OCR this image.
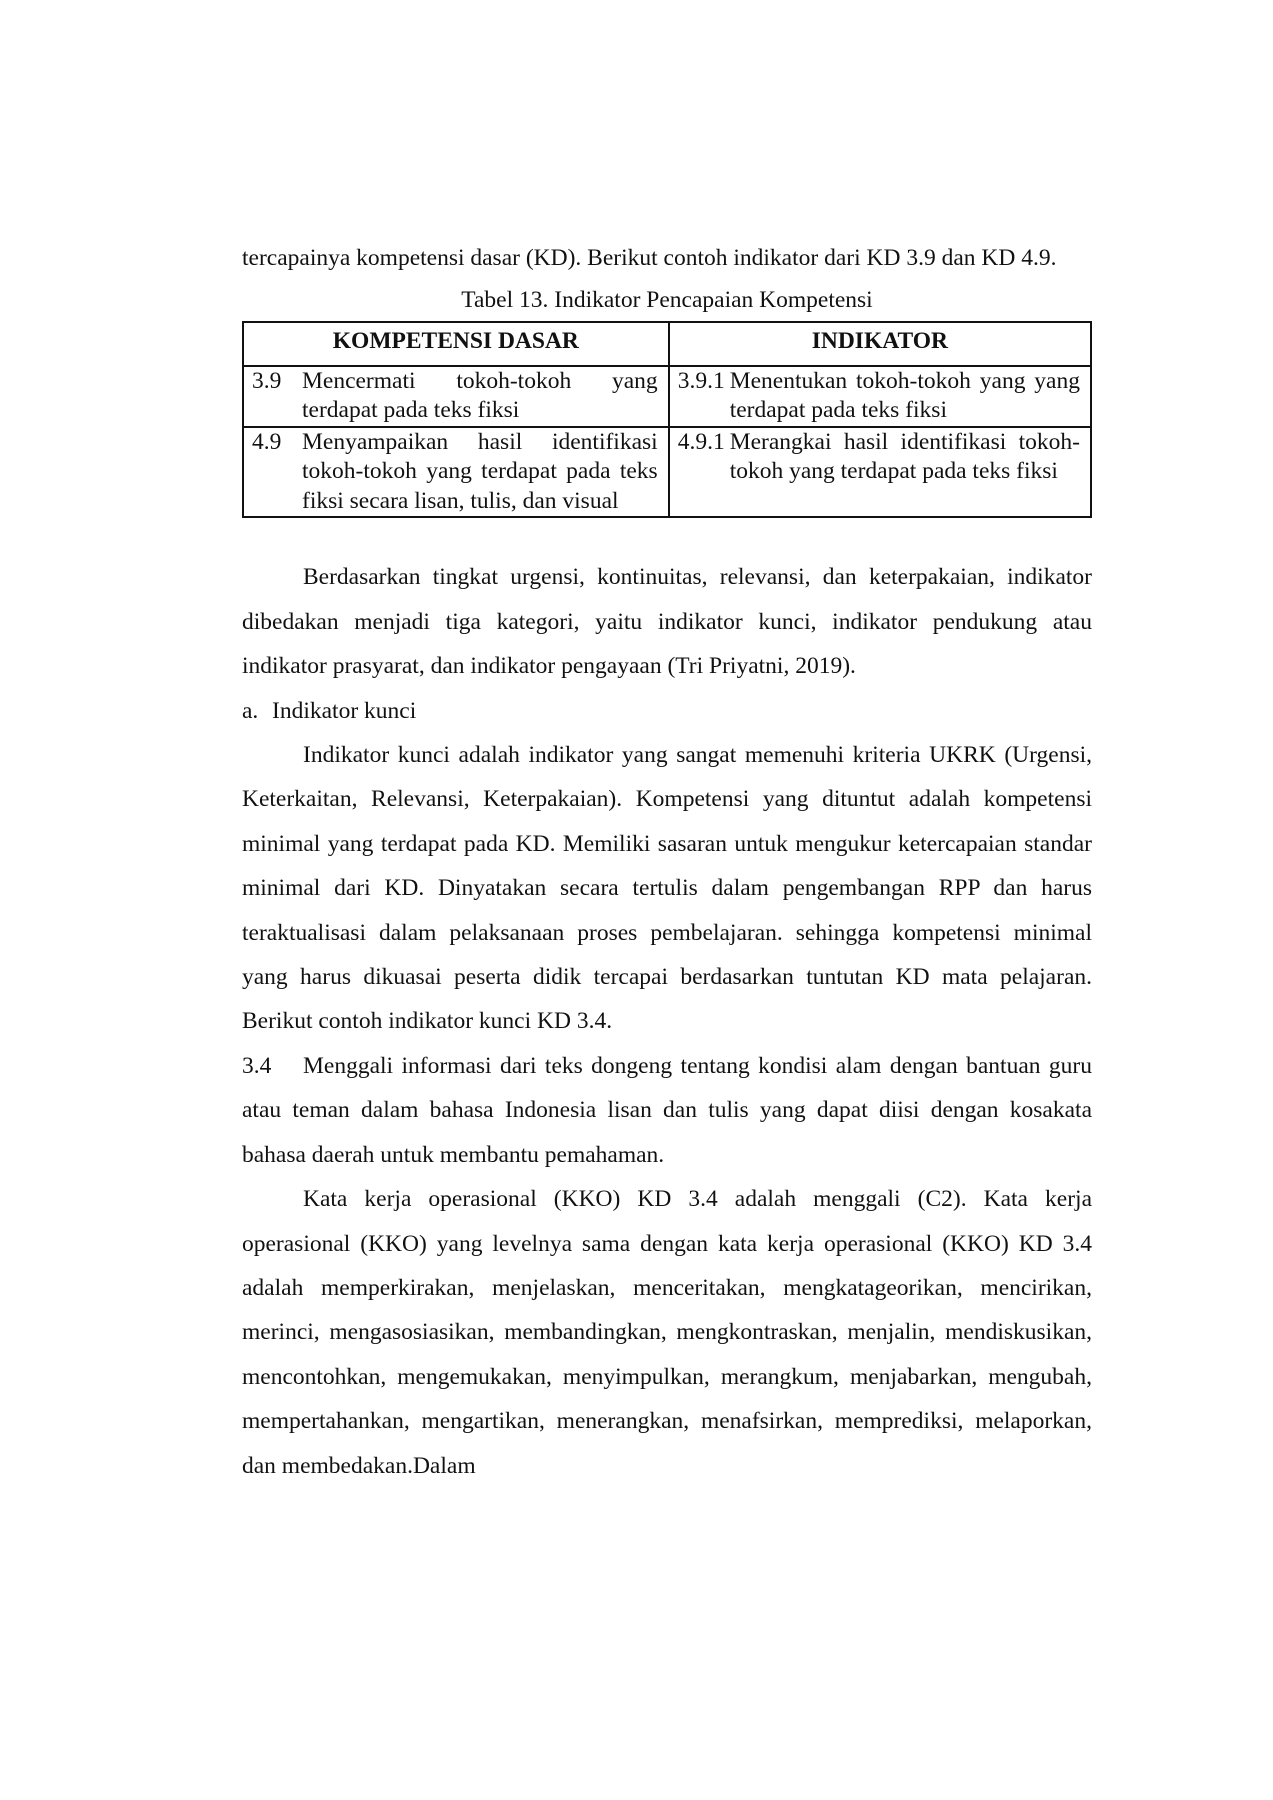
tercapainya kompetensi dasar (KD). Berikut contoh indikator dari KD 3.9 dan KD 4.9.

Tabel 13. Indikator Pencapaian Kompetensi
KOMPETENSI DASAR	INDIKATOR

3.9 Mencermati tokoh-tokoh yang terdapat pada teks fiksi	3.9.1 Menentukan tokoh-tokoh yang yang terdapat pada teks fiksi

4.9 Menyampaikan hasil identifikasi tokoh-tokoh yang terdapat pada teks fiksi secara lisan, tulis, dan visual	4.9.1 Merangkai hasil identifikasi tokoh-tokoh yang terdapat pada teks fiksi

Berdasarkan tingkat urgensi, kontinuitas, relevansi, dan keterpakaian, indikator dibedakan menjadi tiga kategori, yaitu indikator kunci, indikator pendukung atau indikator prasyarat, dan indikator pengayaan (Tri Priyatni, 2019).

a. Indikator kunci

Indikator kunci adalah indikator yang sangat memenuhi kriteria UKRK (Urgensi, Keterkaitan, Relevansi, Keterpakaian). Kompetensi yang dituntut adalah kompetensi minimal yang terdapat pada KD. Memiliki sasaran untuk mengukur ketercapaian standar minimal dari KD. Dinyatakan secara tertulis dalam pengembangan RPP dan harus teraktualisasi dalam pelaksanaan proses pembelajaran. sehingga kompetensi minimal yang harus dikuasai peserta didik tercapai berdasarkan tuntutan KD mata pelajaran. Berikut contoh indikator kunci KD 3.4.

3.4 Menggali informasi dari teks dongeng tentang kondisi alam dengan bantuan guru atau teman dalam bahasa Indonesia lisan dan tulis yang dapat diisi dengan kosakata bahasa daerah untuk membantu pemahaman.

Kata kerja operasional (KKO) KD 3.4 adalah menggali (C2). Kata kerja operasional (KKO) yang levelnya sama dengan kata kerja operasional (KKO) KD 3.4 adalah memperkirakan, menjelaskan, menceritakan, mengkatageorikan, mencirikan, merinci, mengasosiasikan, membandingkan, mengkontraskan, menjalin, mendiskusikan, mencontohkan, mengemukakan, menyimpulkan, merangkum, menjabarkan, mengubah, mempertahankan, mengartikan, menerangkan, menafsirkan, memprediksi, melaporkan, dan membedakan.Dalam
